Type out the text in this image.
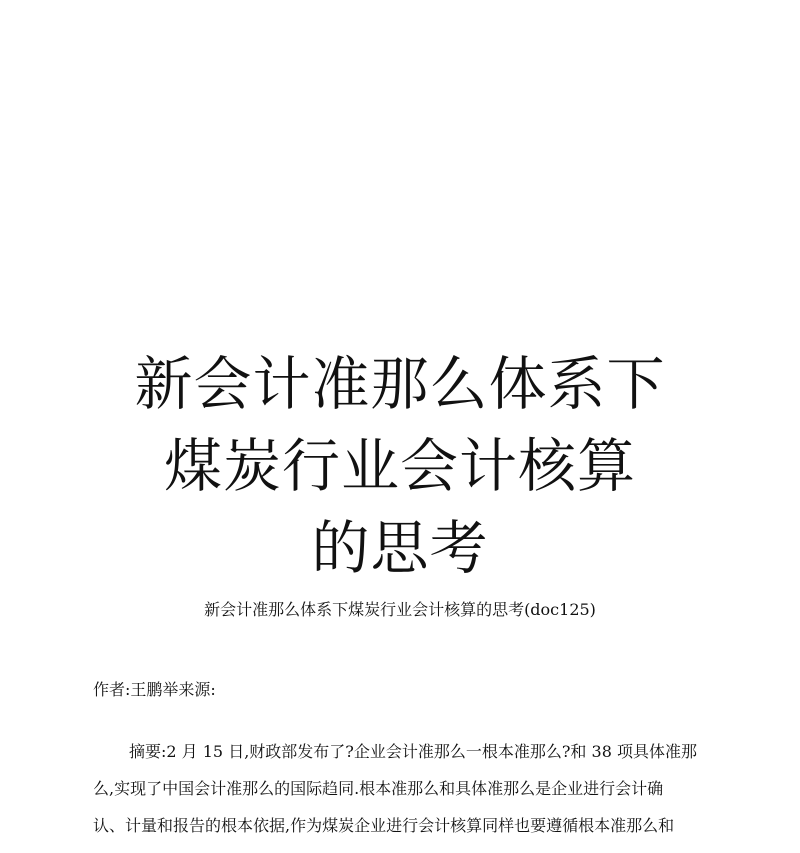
新会计准那么体系下
煤炭行业会计核算
的思考
新会计准那么体系下煤炭行业会计核算的思考(doc125)
作者:王鹏举来源:
摘要:2 月 15 日,财政部发布了?企业会计准那么一根本准那么?和 38 项具体准那
么,实现了中国会计准那么的国际趋同.根本准那么和具体准那么是企业进行会计确
认、计量和报告的根本依据,作为煤炭企业进行会计核算同样也要遵循根本准那么和
